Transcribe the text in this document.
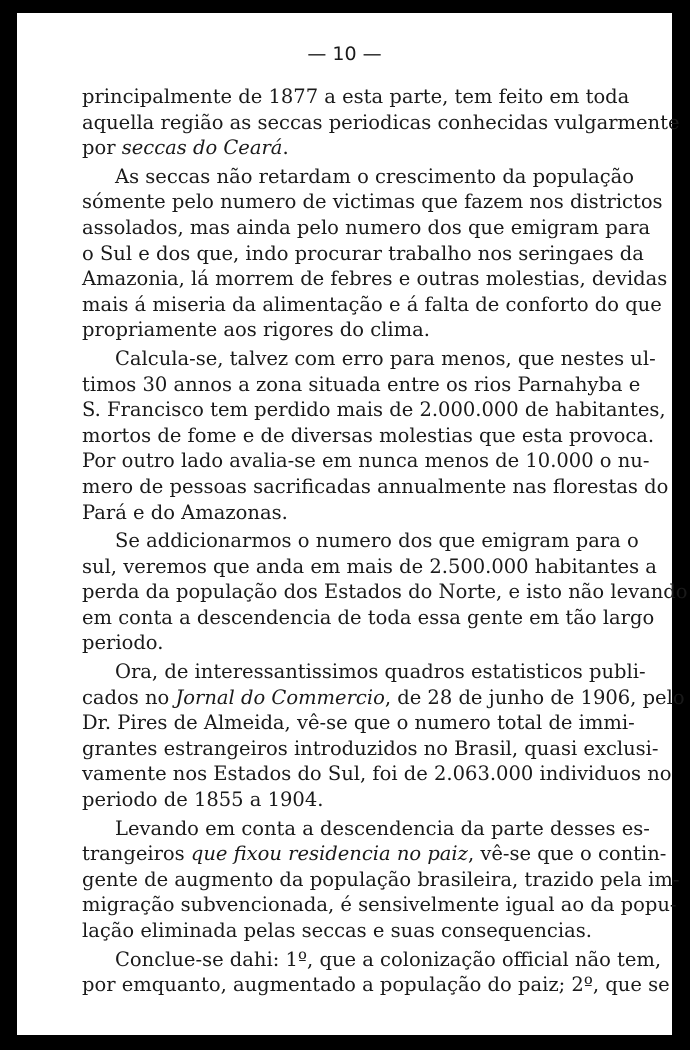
— 10 —
principalmente de 1877 a esta parte, tem feito em toda
aquella região as seccas periodicas conhecidas vulgarmente
por seccas do Ceará.
As seccas não retardam o crescimento da população
sómente pelo numero de victimas que fazem nos districtos
assolados, mas ainda pelo numero dos que emigram para
o Sul e dos que, indo procurar trabalho nos seringaes da
Amazonia, lá morrem de febres e outras molestias, devidas
mais á miseria da alimentação e á falta de conforto do que
propriamente aos rigores do clima.
Calcula-se, talvez com erro para menos, que nestes ul-
timos 30 annos a zona situada entre os rios Parnahyba e
S. Francisco tem perdido mais de 2.000.000 de habitantes,
mortos de fome e de diversas molestias que esta provoca.
Por outro lado avalia-se em nunca menos de 10.000 o nu-
mero de pessoas sacrificadas annualmente nas florestas do
Pará e do Amazonas.
Se addicionarmos o numero dos que emigram para o
sul, veremos que anda em mais de 2.500.000 habitantes a
perda da população dos Estados do Norte, e isto não levando
em conta a descendencia de toda essa gente em tão largo
periodo.
Ora, de interessantissimos quadros estatisticos publi-
cados no Jornal do Commercio, de 28 de junho de 1906, pelo
Dr. Pires de Almeida, vê-se que o numero total de immi-
grantes estrangeiros introduzidos no Brasil, quasi exclusi-
vamente nos Estados do Sul, foi de 2.063.000 individuos no
periodo de 1855 a 1904.
Levando em conta a descendencia da parte desses es-
trangeiros que fixou residencia no paiz, vê-se que o contin-
gente de augmento da população brasileira, trazido pela im-
migração subvencionada, é sensivelmente igual ao da popu-
lação eliminada pelas seccas e suas consequencias.
Conclue-se dahi: 1º, que a colonização official não tem,
por emquanto, augmentado a população do paiz; 2º, que se
